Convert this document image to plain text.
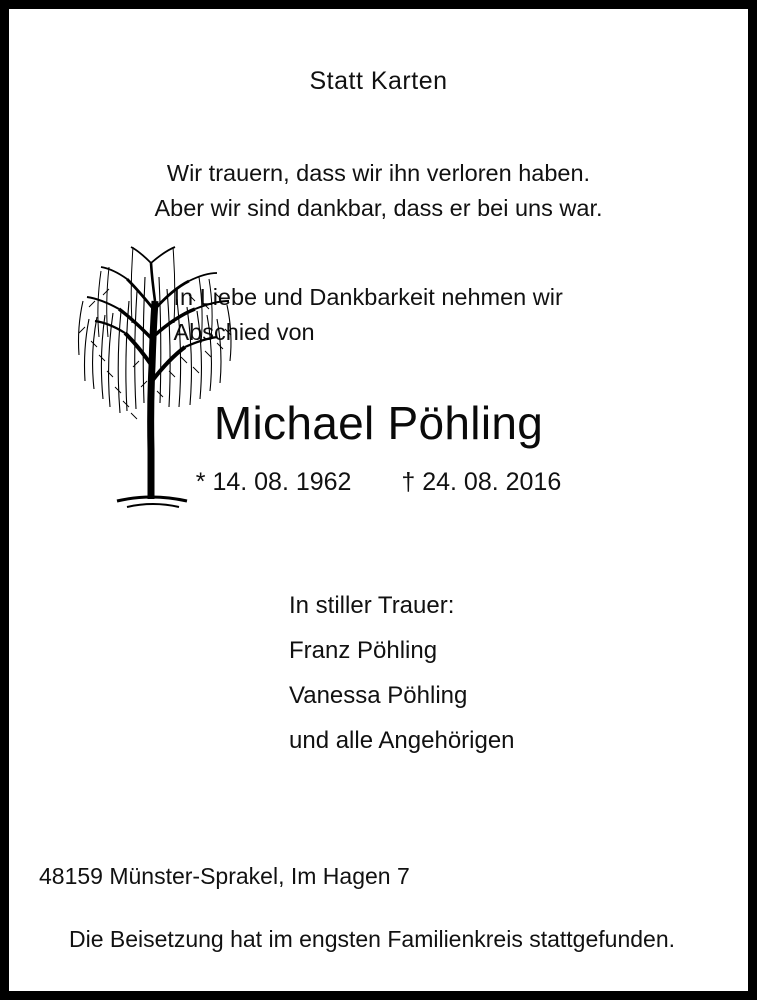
Statt Karten
Wir trauern, dass wir ihn verloren haben.
Aber wir sind dankbar, dass er bei uns war.
In Liebe und Dankbarkeit nehmen wir
Abschied von
Michael Pöhling
* 14. 08. 1962 † 24. 08. 2016
In stiller Trauer:
Franz Pöhling
Vanessa Pöhling
und alle Angehörigen
48159 Münster-Sprakel, Im Hagen 7
Die Beisetzung hat im engsten Familienkreis stattgefunden.
